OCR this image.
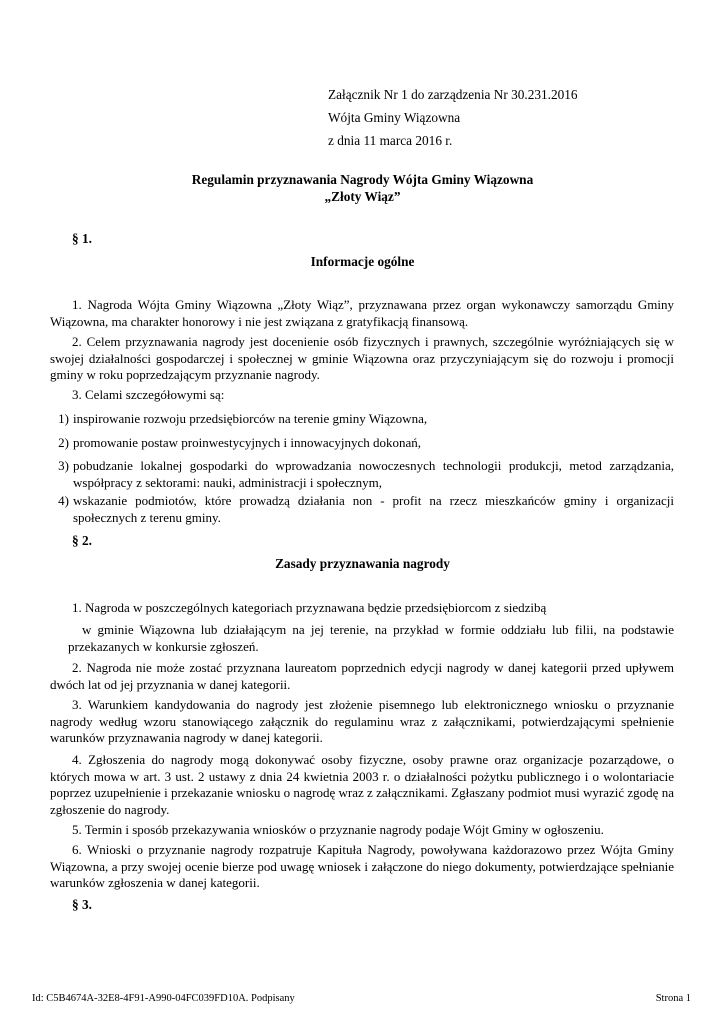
Załącznik Nr 1 do zarządzenia Nr 30.231.2016
Wójta Gminy Wiązowna
z dnia 11 marca 2016 r.
Regulamin przyznawania Nagrody Wójta Gminy Wiązowna
„Złoty Wiąz”
§ 1.
Informacje ogólne
1. Nagroda Wójta Gminy Wiązowna „Złoty Wiąz”, przyznawana przez organ wykonawczy samorządu Gminy Wiązowna, ma charakter honorowy i nie jest związana z gratyfikacją finansową.
2. Celem przyznawania nagrody jest docenienie osób fizycznych i prawnych, szczególnie wyróżniających się w swojej działalności gospodarczej i społecznej w gminie Wiązowna oraz przyczyniającym się do rozwoju i promocji gminy w roku poprzedzającym przyznanie nagrody.
3. Celami szczegółowymi są:
1) inspirowanie rozwoju przedsiębiorców na terenie gminy Wiązowna,
2) promowanie postaw proinwestycyjnych i innowacyjnych dokonań,
3) pobudzanie lokalnej gospodarki do wprowadzania nowoczesnych technologii produkcji, metod zarządzania, współpracy z sektorami: nauki, administracji i społecznym,
4) wskazanie podmiotów, które prowadzą działania non - profit na rzecz mieszkańców gminy i organizacji społecznych z terenu gminy.
§ 2.
Zasady przyznawania nagrody
1. Nagroda w poszczególnych kategoriach przyznawana będzie przedsiębiorcom z siedzibą
w gminie Wiązowna lub działającym na jej terenie, na przykład w formie oddziału lub filii, na podstawie przekazanych w konkursie zgłoszeń.
2. Nagroda nie może zostać przyznana laureatom poprzednich edycji nagrody w danej kategorii przed upływem dwóch lat od jej przyznania w danej kategorii.
3. Warunkiem kandydowania do nagrody jest złożenie pisemnego lub elektronicznego wniosku o przyznanie nagrody według wzoru stanowiącego załącznik do regulaminu wraz z załącznikami, potwierdzającymi spełnienie warunków przyznawania nagrody w danej kategorii.
4. Zgłoszenia do nagrody mogą dokonywać osoby fizyczne, osoby prawne oraz organizacje pozarządowe, o których mowa w art. 3 ust. 2 ustawy z dnia 24 kwietnia 2003 r. o działalności pożytku publicznego i o wolontariacie poprzez uzupełnienie i przekazanie wniosku o nagrodę wraz z załącznikami. Zgłaszany podmiot musi wyrazić zgodę na zgłoszenie do nagrody.
5. Termin i sposób przekazywania wniosków o przyznanie nagrody podaje Wójt Gminy w ogłoszeniu.
6. Wnioski o przyznanie nagrody rozpatruje Kapituła Nagrody, powoływana każdorazowo przez Wójta Gminy Wiązowna, a przy swojej ocenie bierze pod uwagę wniosek i załączone do niego dokumenty, potwierdzające spełnianie warunków zgłoszenia w danej kategorii.
§ 3.
Id: C5B4674A-32E8-4F91-A990-04FC039FD10A. Podpisany	Strona 1
